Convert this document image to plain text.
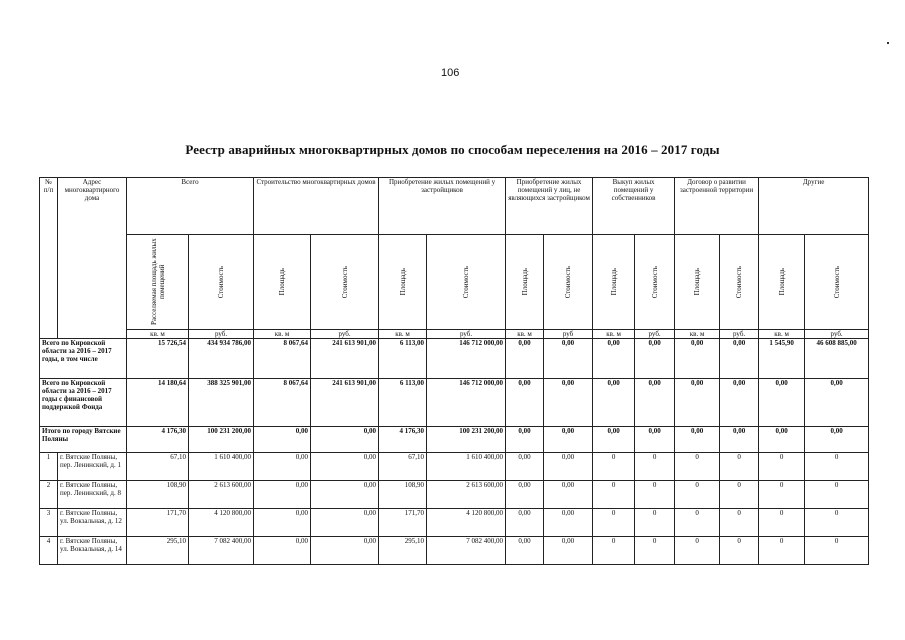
106
Реестр аварийных многоквартирных домов по способам переселения на 2016 – 2017 годы
№ п/п	Адрес многоквартирного дома	Всего		Строительство многоквартирных домов		Приобретение жилых помещений у застройщиков		Приобретение жилых помещений у лиц, не являющихся застройщиком		Выкуп жилых помещений у собственников		Договор о развитии застроенной территории		Другие	

		Расселяемая площадь жилых помещений	Стоимость	Площадь	Стоимость	Площадь	Стоимость	Площадь	Стоимость	Площадь	Стоимость	Площадь	Стоимость	Площадь	Стоимость

		кв. м	руб.	кв. м	руб.	кв. м	руб.	кв. м	руб	кв. м	руб.	кв. м	руб.	кв. м	руб.
Всего по Кировской области за 2016 – 2017 годы, в том числе		15 726,54	434 934 786,00	8 067,64	241 613 901,00	6 113,00	146 712 000,00	0,00	0,00	0,00	0,00	0,00	0,00	1 545,90	46 608 885,00
Всего по Кировской области за 2016 – 2017 годы с финансовой поддержкой Фонда		14 180,64	388 325 901,00	8 067,64	241 613 901,00	6 113,00	146 712 000,00	0,00	0,00	0,00	0,00	0,00	0,00	0,00	0,00
Итого по городу Вятские Поляны		4 176,30	100 231 200,00	0,00	0,00	4 176,30	100 231 200,00	0,00	0,00	0,00	0,00	0,00	0,00	0,00	0,00
1	г. Вятские Поляны, пер. Ленинский, д. 1	67,10	1 610 400,00	0,00	0,00	67,10	1 610 400,00	0,00	0,00	0	0	0	0	0	0
2	г. Вятские Поляны, пер. Ленинский, д. 8	108,90	2 613 600,00	0,00	0,00	108,90	2 613 600,00	0,00	0,00	0	0	0	0	0	0
3	г. Вятские Поляны, ул. Вокзальная, д. 12	171,70	4 120 800,00	0,00	0,00	171,70	4 120 800,00	0,00	0,00	0	0	0	0	0	0
4	г. Вятские Поляны, ул. Вокзальная, д. 14	295,10	7 082 400,00	0,00	0,00	295,10	7 082 400,00	0,00	0,00	0	0	0	0	0	0
